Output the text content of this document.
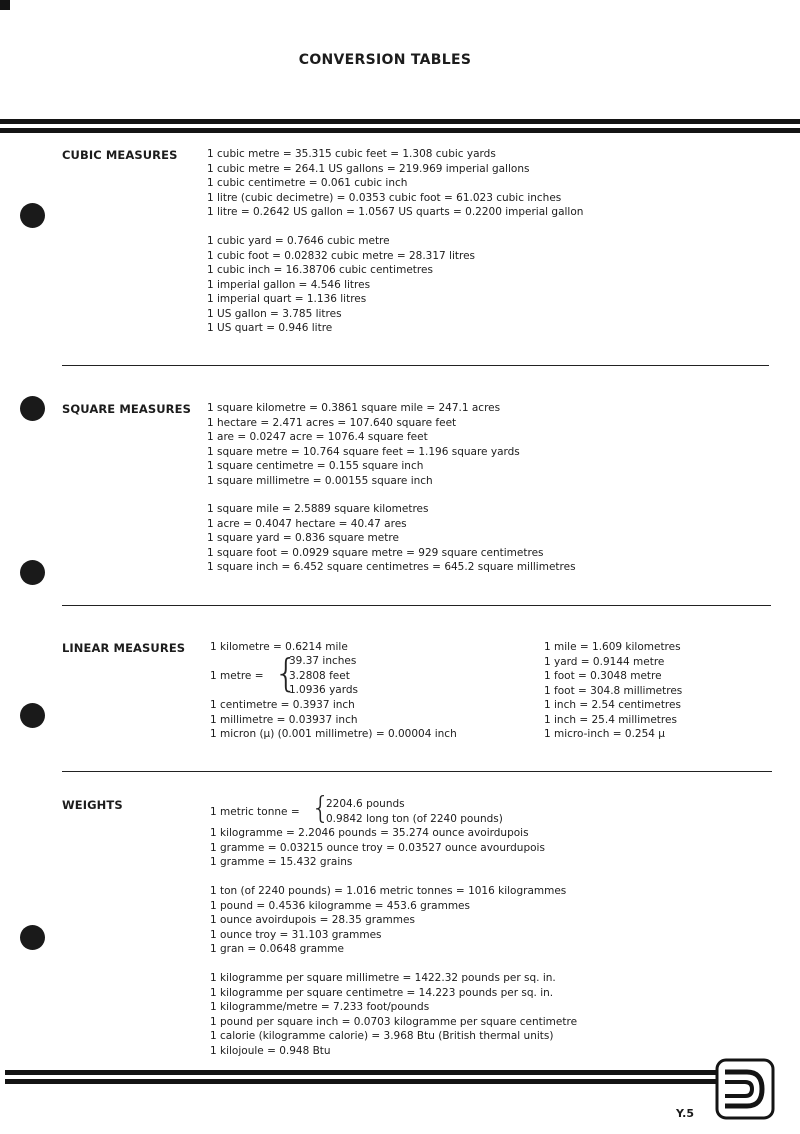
CONVERSION TABLES
CUBIC MEASURES	1 cubic metre = 35.315 cubic feet = 1.308 cubic yards
1 cubic metre = 264.1 US gallons = 219.969 imperial gallons
1 cubic centimetre = 0.061 cubic inch
1 litre (cubic decimetre) = 0.0353 cubic foot = 61.023 cubic inches
1 litre = 0.2642 US gallon = 1.0567 US quarts = 0.2200 imperial gallon
1 cubic yard = 0.7646 cubic metre
1 cubic foot = 0.02832 cubic metre = 28.317 litres
1 cubic inch = 16.38706 cubic centimetres
1 imperial gallon = 4.546 litres
1 imperial quart = 1.136 litres
1 US gallon = 3.785 litres
1 US quart = 0.946 litre
SQUARE MEASURES 1 square kilometre = 0.3861 square mile = 247.1 acres
1 hectare = 2.471 acres = 107.640 square feet
1 are = 0.0247 acre = 1076.4 square feet
1 square metre = 10.764 square feet = 1.196 square yards
1 square centimetre = 0.155 square inch
1 square millimetre = 0.00155 square inch
1 square mile = 2.5889 square kilometres
1 acre = 0.4047 hectare = 40.47 ares
1 square yard = 0.836 square metre
1 square foot = 0.0929 square metre = 929 square centimetres
1 square inch = 6.452 square centimetres = 645.2 square millimetres
LINEAR MEASURES 1 kilometre = 0.6214 mile
1 metre = {
39.37 inches
3.2808 feet
1.0936 yards
1 centimetre = 0.3937 inch
1 millimetre = 0.03937 inch
1 micron (µ) (0.001 millimetre) = 0.00004 inch
1 mile = 1.609 kilometres
1 yard = 0.9144 metre
1 foot = 0.3048 metre
1 foot = 304.8 millimetres
1 inch = 2.54 centimetres
1 inch = 25.4 millimetres
1 micro-inch = 0.254 µ
WEIGHTS	1 metric tonne = {
2204.6 pounds
0.9842 long ton (of 2240 pounds)
1 kilogramme = 2.2046 pounds = 35.274 ounce avoirdupois
1 gramme = 0.03215 ounce troy = 0.03527 ounce avourdupois
1 gramme = 15.432 grains
1 ton (of 2240 pounds) = 1.016 metric tonnes = 1016 kilogrammes
1 pound = 0.4536 kilogramme = 453.6 grammes
1 ounce avoirdupois = 28.35 grammes
1 ounce troy = 31.103 grammes
1 gran = 0.0648 gramme
1 kilogramme per square millimetre = 1422.32 pounds per sq. in.
1 kilogramme per square centimetre = 14.223 pounds per sq. in.
1 kilogramme/metre = 7.233 foot/pounds
1 pound per square inch = 0.0703 kilogramme per square centimetre
1 calorie (kilogramme calorie) = 3.968 Btu (British thermal units)
1 kilojoule = 0.948 Btu
Y.5
